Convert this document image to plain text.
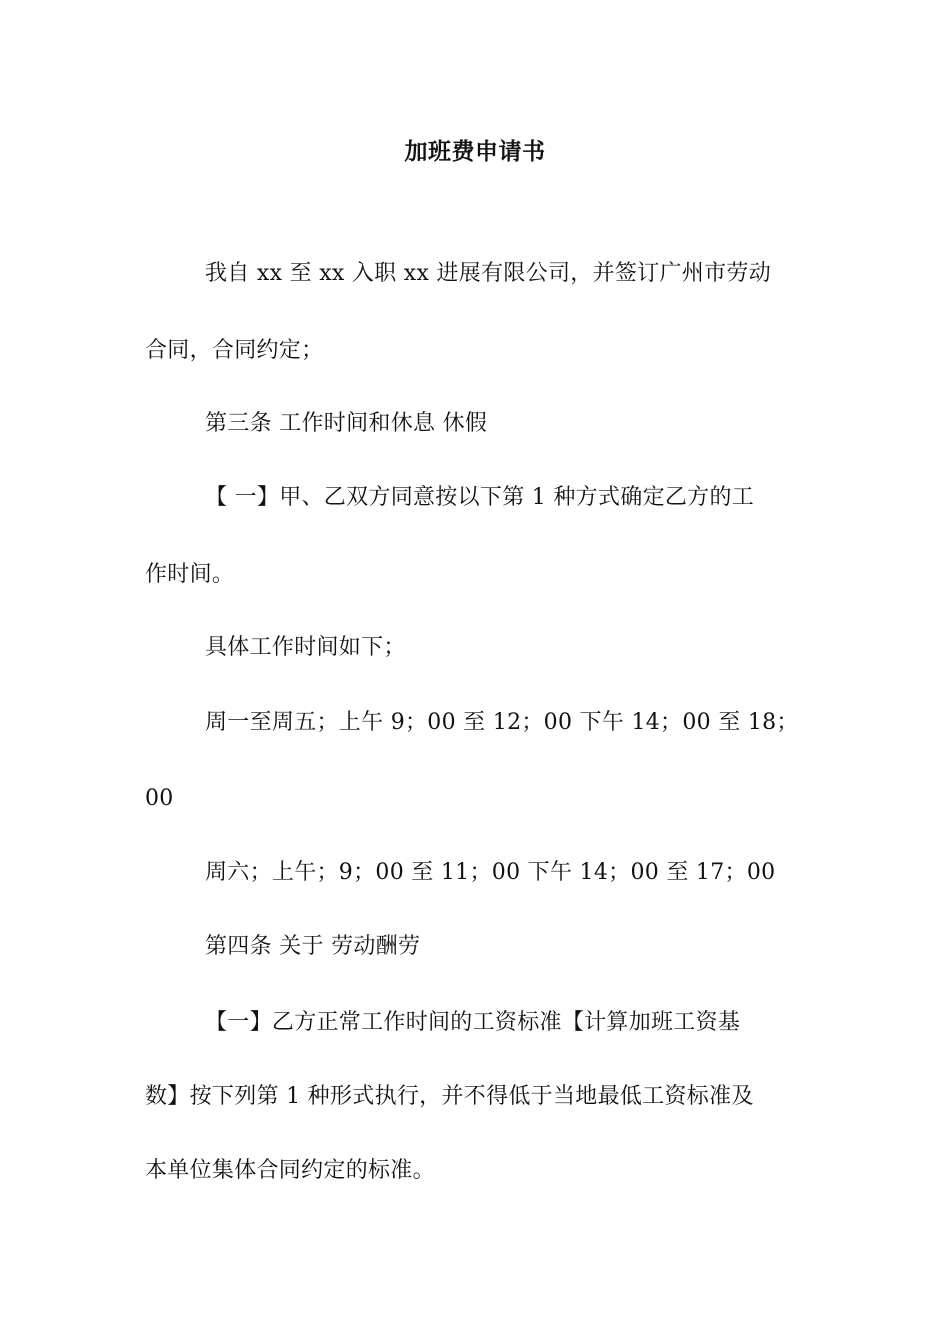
加班费申请书
我自 xx 至 xx 入职 xx 进展有限公司，并签订广州市劳动
合同，合同约定；
第三条 工作时间和休息 休假
【 一】甲、乙双方同意按以下第 1 种方式确定乙方的工
作时间。
具体工作时间如下；
周一至周五；上午 9；00 至 12；00 下午 14；00 至 18；
00
周六；上午；9；00 至 11；00 下午 14；00 至 17；00
第四条 关于 劳动酬劳
【一】乙方正常工作时间的工资标准【计算加班工资基
数】按下列第 1 种形式执行，并不得低于当地最低工资标准及
本单位集体合同约定的标准。
